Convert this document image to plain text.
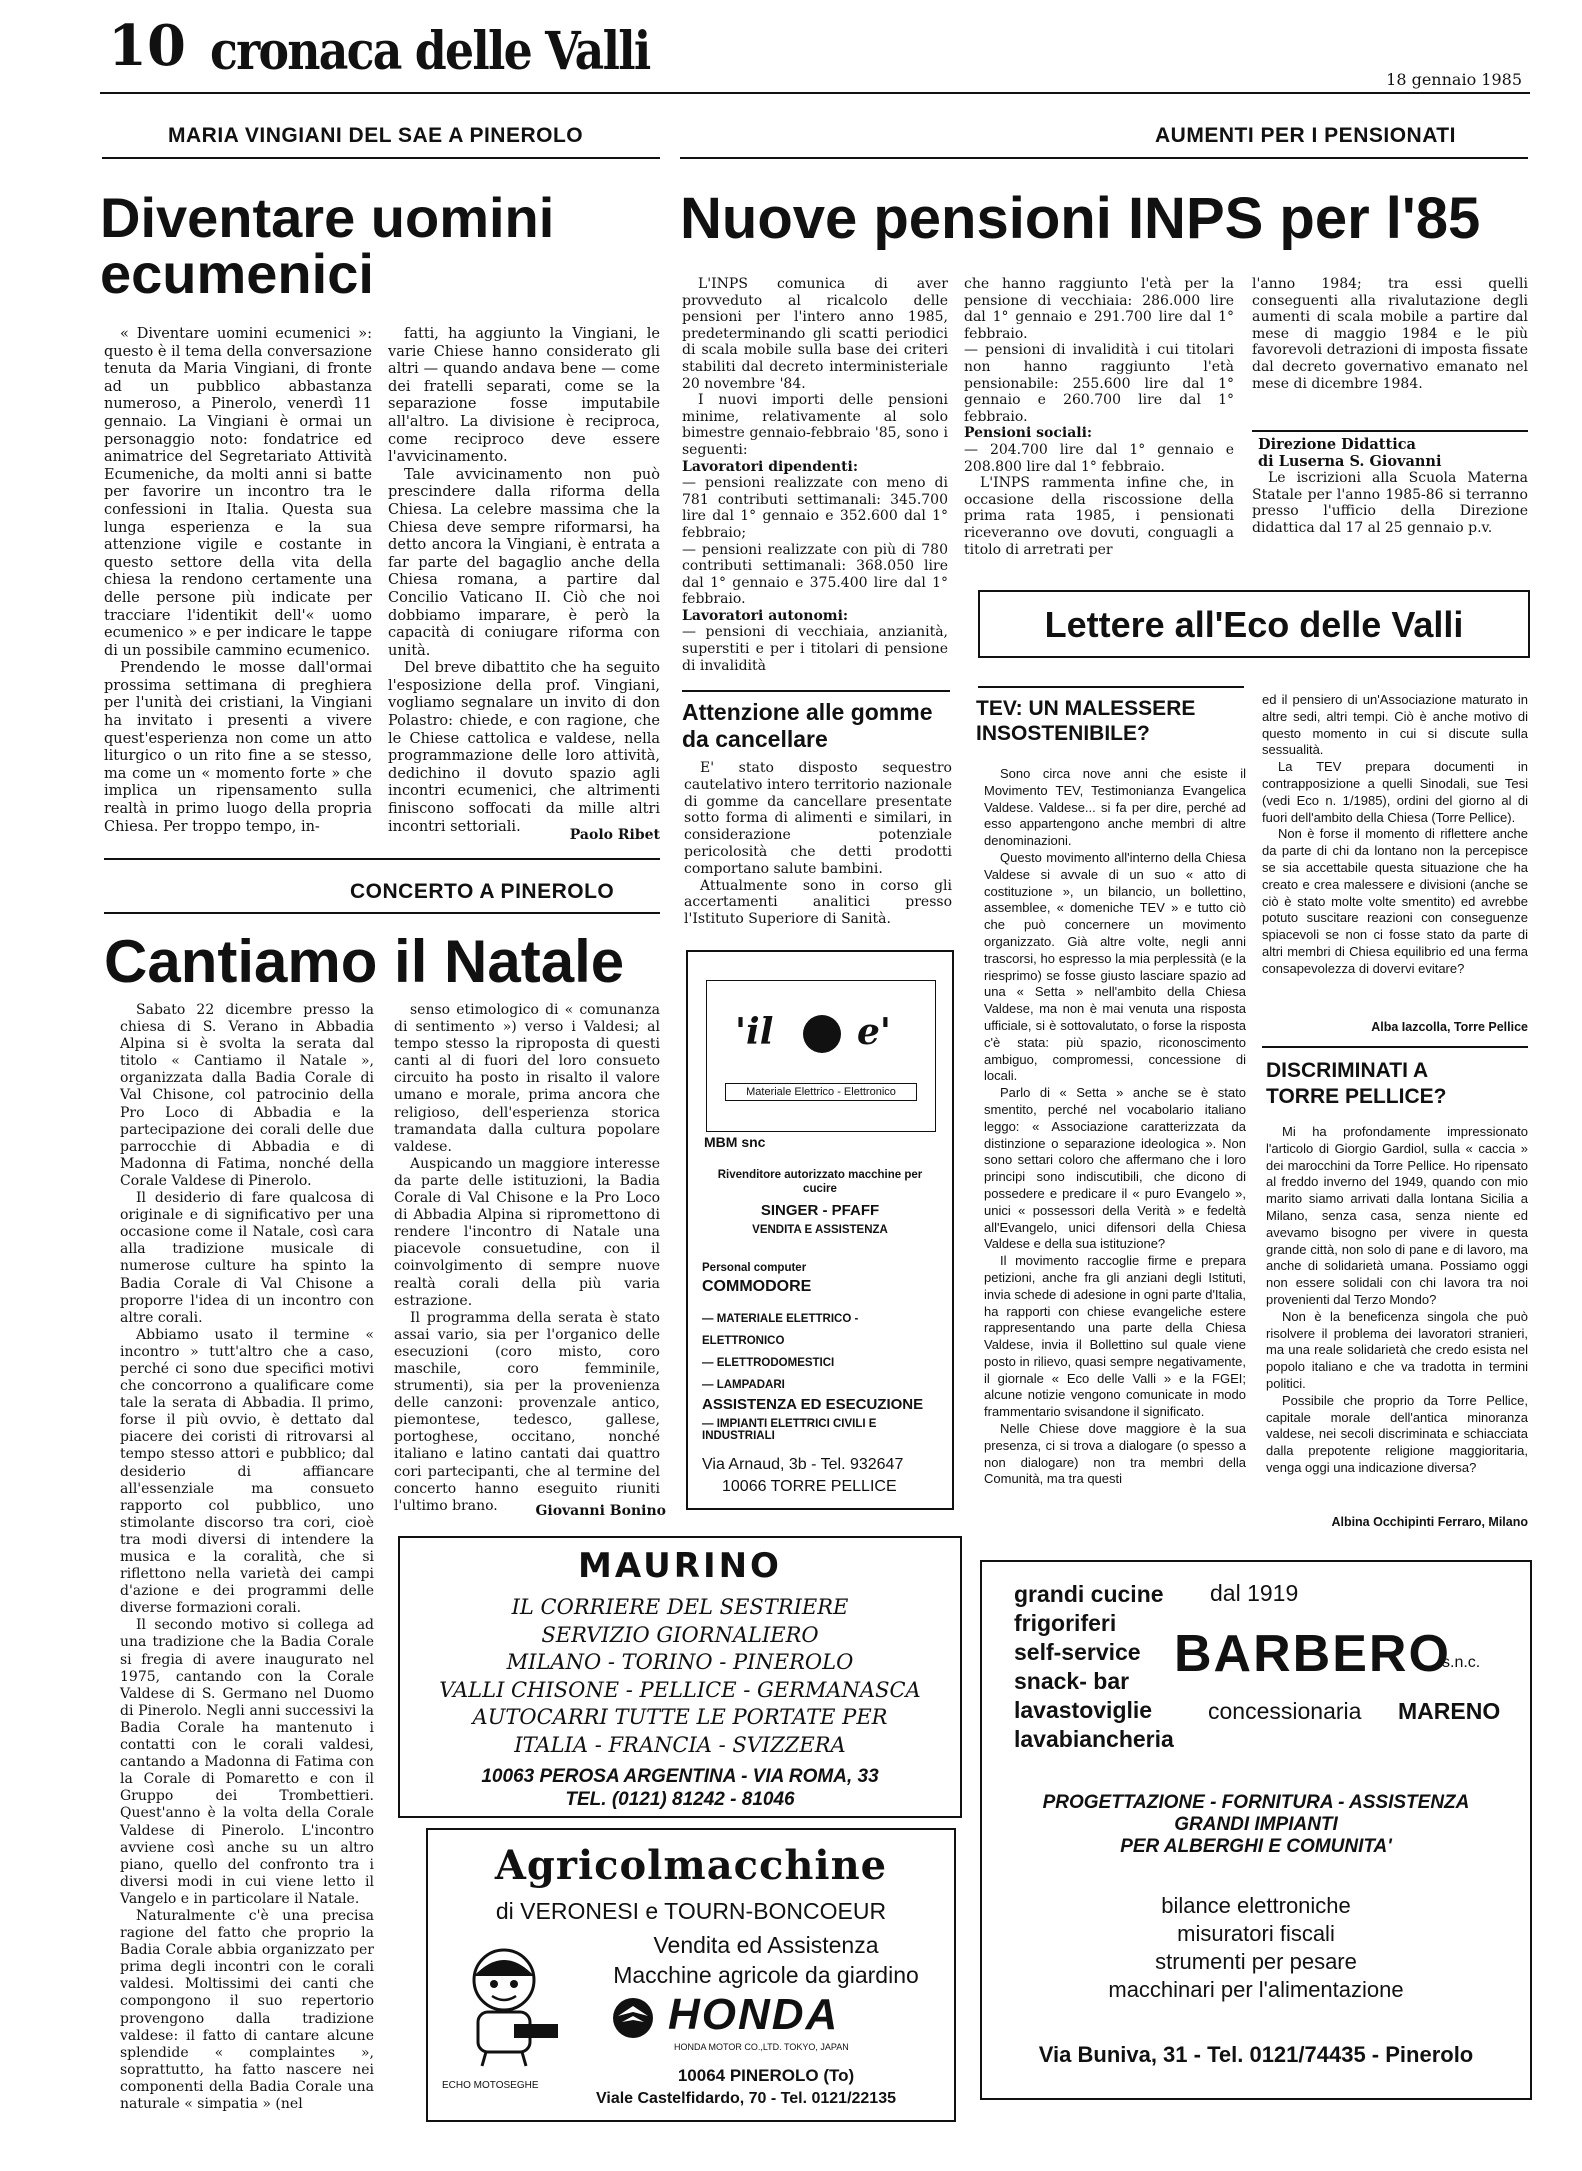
10 cronaca delle Valli	18 gennaio 1985
MARIA VINGIANI DEL SAE A PINEROLO
Diventare uomini ecumenici

« Diventare uomini ecumenici »: questo è il tema della conversazione tenuta da Maria Vingiani, di fronte ad un pubblico abbastanza numeroso, a Pinerolo, venerdì 11 gennaio. La Vingiani è ormai un personaggio noto: fondatrice ed animatrice del Segretariato Attività Ecumeniche, da molti anni si batte per favorire un incontro tra le confessioni in Italia. Questa sua lunga esperienza e la sua attenzione vigile e costante in questo settore della vita della chiesa la rendono certamente una delle persone più indicate per tracciare l'identikit dell'« uomo ecumenico » e per indicare le tappe di un possibile cammino ecumenico.

Prendendo le mosse dall'ormai prossima settimana di preghiera per l'unità dei cristiani, la Vingiani ha invitato i presenti a vivere quest'esperienza non come un atto liturgico o un rito fine a se stesso, ma come un « momento forte » che implica un ripensamento sulla realtà in primo luogo della propria Chiesa. Per troppo tempo, in-

fatti, ha aggiunto la Vingiani, le varie Chiese hanno considerato gli altri — quando andava bene — come dei fratelli separati, come se la separazione fosse imputabile all'altro. La divisione è reciproca, come reciproco deve essere l'avvicinamento.

Tale avvicinamento non può prescindere dalla riforma della Chiesa. La celebre massima che la Chiesa deve sempre riformarsi, ha detto ancora la Vingiani, è entrata a far parte del bagaglio anche della Chiesa romana, a partire dal Concilio Vaticano II. Ciò che noi dobbiamo imparare, è però la capacità di coniugare riforma con unità.

Del breve dibattito che ha seguito l'esposizione della prof. Vingiani, vogliamo segnalare un invito di don Polastro: chiede, e con ragione, che le Chiese cattolica e valdese, nella programmazione delle loro attività, dedichino il dovuto spazio agli incontri ecumenici, che altrimenti finiscono soffocati da mille altri incontri settoriali.

Paolo Ribet
CONCERTO A PINEROLO
Cantiamo il Natale

Sabato 22 dicembre presso la chiesa di S. Verano in Abbadia Alpina si è svolta la serata dal titolo « Cantiamo il Natale », organizzata dalla Badia Corale di Val Chisone, col patrocinio della Pro Loco di Abbadia e la partecipazione dei corali delle due parrocchie di Abbadia e di Madonna di Fatima, nonché della Corale Valdese di Pinerolo.

Il desiderio di fare qualcosa di originale e di significativo per una occasione come il Natale, così cara alla tradizione musicale di numerose culture ha spinto la Badia Corale di Val Chisone a proporre l'idea di un incontro con altre corali.

Abbiamo usato il termine « incontro » tutt'altro che a caso, perché ci sono due specifici motivi che concorrono a qualificare come tale la serata di Abbadia. Il primo, forse il più ovvio, è dettato dal piacere dei coristi di ritrovarsi al tempo stesso attori e pubblico; dal desiderio di affiancare all'essenziale ma consueto rapporto col pubblico, uno stimolante discorso tra cori, cioè tra modi diversi di intendere la musica e la coralità, che si riflettono nella varietà dei campi d'azione e dei programmi delle diverse formazioni corali.

Il secondo motivo si collega ad una tradizione che la Badia Corale si fregia di avere inaugurato nel 1975, cantando con la Corale Valdese di S. Germano nel Duomo di Pinerolo. Negli anni successivi la Badia Corale ha mantenuto i contatti con le corali valdesi, cantando a Madonna di Fatima con la Corale di Pomaretto e con il Gruppo dei Trombettieri. Quest'anno è la volta della Corale Valdese di Pinerolo. L'incontro avviene così anche su un altro piano, quello del confronto tra i diversi modi in cui viene letto il Vangelo e in particolare il Natale.

Naturalmente c'è una precisa ragione del fatto che proprio la Badia Corale abbia organizzato per prima degli incontri con le corali valdesi. Moltissimi dei canti che compongono il suo repertorio provengono dalla tradizione valdese: il fatto di cantare alcune splendide « complaintes », soprattutto, ha fatto nascere nei componenti della Badia Corale una naturale « simpatia » (nel

senso etimologico di « comunanza di sentimento ») verso i Valdesi; al tempo stesso la riproposta di questi canti al di fuori del loro consueto circuito ha posto in risalto il valore umano e morale, prima ancora che religioso, dell'esperienza storica tramandata dalla cultura popolare valdese.

Auspicando un maggiore interesse da parte delle istituzioni, la Badia Corale di Val Chisone e la Pro Loco di Abbadia Alpina si ripromettono di rendere l'incontro di Natale una piacevole consuetudine, con il coinvolgimento di sempre nuove realtà corali della più varia estrazione.

Il programma della serata è stato assai vario, sia per l'organico delle esecuzioni (coro misto, coro maschile, coro femminile, strumenti), sia per la provenienza delle canzoni: provenzale antico, piemontese, tedesco, gallese, portoghese, occitano, nonché italiano e latino cantati dai quattro cori partecipanti, che al termine del concerto hanno eseguito riuniti l'ultimo brano.	Giovanni Bonino
AUMENTI PER I PENSIONATI
Nuove pensioni INPS per l'85

L'INPS comunica di aver provveduto al ricalcolo delle pensioni per l'intero anno 1985, predeterminando gli scatti periodici di scala mobile sulla base dei criteri stabiliti dal decreto interministeriale 20 novembre '84.

I nuovi importi delle pensioni minime, relativamente al solo bimestre gennaio-febbraio '85, sono i seguenti:

Lavoratori dipendenti:

— pensioni realizzate con meno di 781 contributi settimanali: 345.700 lire dal 1° gennaio e 352.600 dal 1° febbraio;

— pensioni realizzate con più di 780 contributi settimanali: 368.050 lire dal 1° gennaio e 375.400 lire dal 1° febbraio.

Lavoratori autonomi:

— pensioni di vecchiaia, anzianità, superstiti e per i titolari di pensione di invalidità

che hanno raggiunto l'età per la pensione di vecchiaia: 286.000 lire dal 1° gennaio e 291.700 lire dal 1° febbraio.

— pensioni di invalidità i cui titolari non hanno raggiunto l'età pensionabile: 255.600 lire dal 1° gennaio e 260.700 lire dal 1° febbraio.

Pensioni sociali:

— 204.700 lire dal 1° gennaio e 208.800 lire dal 1° febbraio.

L'INPS rammenta infine che, in occasione della riscossione della prima rata 1985, i pensionati riceveranno ove dovuti, conguagli a titolo di arretrati per

l'anno 1984; tra essi quelli conseguenti alla rivalutazione degli aumenti di scala mobile a partire dal mese di maggio 1984 e le più favorevoli detrazioni di imposta fissate dal decreto governativo emanato nel mese di dicembre 1984.

Direzione Didattica
di Luserna S. Giovanni

Le iscrizioni alla Scuola Materna Statale per l'anno 1985-86 si terranno presso l'ufficio della Direzione didattica dal 17 al 25 gennaio p.v.

Lettere all'Eco delle Valli
Attenzione alle gomme da cancellare

E' stato disposto sequestro cautelativo intero territorio nazionale di gomme da cancellare presentate sotto forma di alimenti e similari, in considerazione potenziale pericolosità che detti prodotti comportano salute bambini.

Attualmente sono in corso gli accertamenti analitici presso l'Istituto Superiore di Sanità.

'il e'
Materiale Elettrico - Elettronico
MBM snc
Rivenditore autorizzato macchine per cucire
SINGER - PFAFF
VENDITA E ASSISTENZA
Personal computer
COMMODORE
— MATERIALE ELETTRICO - ELETTRONICO
— ELETTRODOMESTICI
— LAMPADARI
ASSISTENZA ED ESECUZIONE
— IMPIANTI ELETTRICI CIVILI E INDUSTRIALI
Via Arnaud, 3b - Tel. 932647
10066 TORRE PELLICE
TEV: UN MALESSERE INSOSTENIBILE?

Sono circa nove anni che esiste il Movimento TEV, Testimonianza Evangelica Valdese. Valdese... si fa per dire, perché ad esso appartengono anche membri di altre denominazioni.

Questo movimento all'interno della Chiesa Valdese si avvale di un suo « atto di costituzione », un bilancio, un bollettino, assemblee, « domeniche TEV » e tutto ciò che può concernere un movimento organizzato. Già altre volte, negli anni trascorsi, ho espresso la mia perplessità (e la riesprimo) se fosse giusto lasciare spazio ad una « Setta » nell'ambito della Chiesa Valdese, ma non è mai venuta una risposta ufficiale, si è sottovalutato, o forse la risposta c'è stata: più spazio, riconoscimento ambiguo, compromessi, concessione di locali.

Parlo di « Setta » anche se è stato smentito, perché nel vocabolario italiano leggo: « Associazione caratterizzata da distinzione o separazione ideologica ». Non sono settari coloro che affermano che i loro principi sono indiscutibili, che dicono di possedere e predicare il « puro Evangelo », unici « possessori della Verità » e fedeltà all'Evangelo, unici difensori della Chiesa Valdese e della sua istituzione?

Il movimento raccoglie firme e prepara petizioni, anche fra gli anziani degli Istituti, invia schede di adesione in ogni parte d'Italia, ha rapporti con chiese evangeliche estere rappresentando una parte della Chiesa Valdese, invia il Bollettino sul quale viene posto in rilievo, quasi sempre negativamente, il giornale « Eco delle Valli » e la FGEI; alcune notizie vengono comunicate in modo frammentario svisandone il significato.

Nelle Chiese dove maggiore è la sua presenza, ci si trova a dialogare (o spesso a non dialogare) non tra membri della Comunità, ma tra questi

ed il pensiero di un'Associazione maturato in altre sedi, altri tempi. Ciò è anche motivo di questo momento in cui si discute sulla sessualità.

La TEV prepara documenti in contrapposizione a quelli Sinodali, sue Tesi (vedi Eco n. 1/1985), ordini del giorno al di fuori dell'ambito della Chiesa (Torre Pellice).

Non è forse il momento di riflettere anche da parte di chi da lontano non la percepisce se sia accettabile questa situazione che ha creato e crea malessere e divisioni (anche se ciò è stato molte volte smentito) ed avrebbe potuto suscitare reazioni con conseguenze spiacevoli se non ci fosse stato da parte di altri membri di Chiesa equilibrio ed una ferma consapevolezza di dovervi evitare?

Alba Iazcolla, Torre Pellice
DISCRIMINATI A TORRE PELLICE?

Mi ha profondamente impressionato l'articolo di Giorgio Gardiol, sulla « caccia » dei marocchini da Torre Pellice. Ho ripensato al freddo inverno del 1949, quando con mio marito siamo arrivati dalla lontana Sicilia a Milano, senza casa, senza niente ed avevamo bisogno per vivere in questa grande città, non solo di pane e di lavoro, ma anche di solidarietà umana. Possiamo oggi non essere solidali con chi lavora tra noi provenienti dal Terzo Mondo?

Non è la beneficenza singola che può risolvere il problema dei lavoratori stranieri, ma una reale solidarietà che credo esista nel popolo italiano e che va tradotta in termini politici.

Possibile che proprio da Torre Pellice, capitale morale dell'antica minoranza valdese, nei secoli discriminata e schiacciata dalla prepotente religione maggioritaria, venga oggi una indicazione diversa?

Albina Occhipinti Ferraro, Milano
MAURINO
IL CORRIERE DEL SESTRIERE
SERVIZIO GIORNALIERO
MILANO - TORINO - PINEROLO
VALLI CHISONE - PELLICE - GERMANASCA
AUTOCARRI TUTTE LE PORTATE PER
ITALIA - FRANCIA - SVIZZERA
10063 PEROSA ARGENTINA - VIA ROMA, 33
TEL. (0121) 81242 - 81046
Agricolmacchine
di VERONESI e TOURN-BONCOEUR
Vendita ed Assistenza
Macchine agricole da giardino
ECHO MOTOSEGHE
HONDA
HONDA MOTOR CO.,LTD. TOKYO, JAPAN
10064 PINEROLO (To)
Viale Castelfidardo, 70 - Tel. 0121/22135
grandi cucine
frigoriferi
self-service
snack- bar
lavastoviglie
lavabiancheria
dal 1919
BARBERO
s.n.c.
concessionaria MARENO
PROGETTAZIONE - FORNITURA - ASSISTENZA
GRANDI IMPIANTI
PER ALBERGHI E COMUNITA'
bilance elettroniche
misuratori fiscali
strumenti per pesare
macchinari per l'alimentazione
Via Buniva, 31 - Tel. 0121/74435 - Pinerolo
